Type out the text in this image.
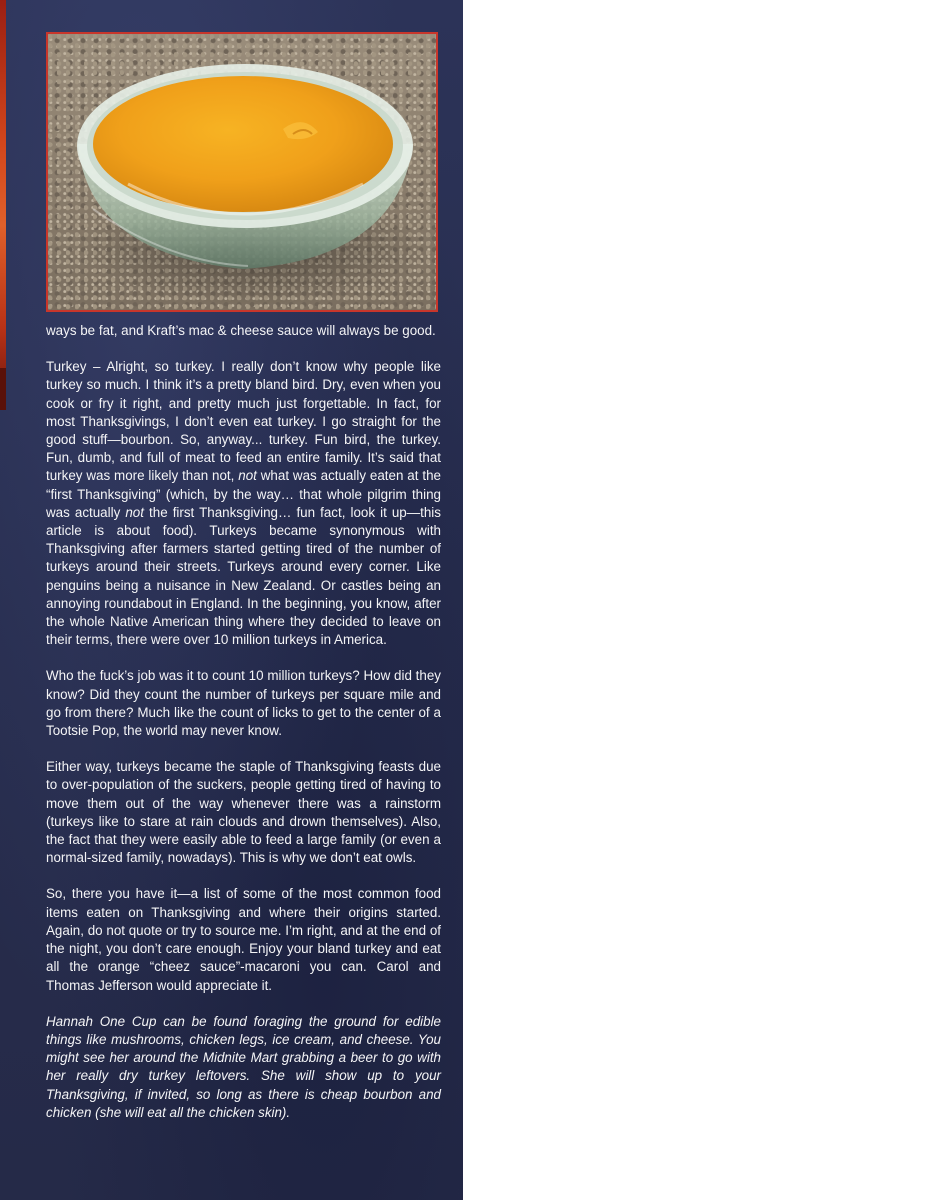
ways be fat, and Kraft’s mac & cheese sauce will always be good.

Turkey – Alright, so turkey. I really don’t know why people like turkey so much. I think it’s a pretty bland bird. Dry, even when you cook or fry it right, and pretty much just forgettable. In fact, for most Thanksgivings, I don’t even eat turkey. I go straight for the good stuff—bourbon. So, anyway... turkey. Fun bird, the turkey. Fun, dumb, and full of meat to feed an entire family. It’s said that turkey was more likely than not, not what was actually eaten at the “first Thanksgiving” (which, by the way… that whole pilgrim thing was actually not the first Thanksgiving… fun fact, look it up—this article is about food). Turkeys became synonymous with Thanksgiving after farmers started getting tired of the number of turkeys around their streets. Turkeys around every corner. Like penguins being a nuisance in New Zealand. Or castles being an annoying roundabout in England. In the beginning, you know, after the whole Native American thing where they decided to leave on their terms, there were over 10 million turkeys in America.

Who the fuck’s job was it to count 10 million turkeys? How did they know? Did they count the number of turkeys per square mile and go from there? Much like the count of licks to get to the center of a Tootsie Pop, the world may never know.

Either way, turkeys became the staple of Thanksgiving feasts due to over-population of the suckers, people getting tired of having to move them out of the way whenever there was a rainstorm (turkeys like to stare at rain clouds and drown themselves). Also, the fact that they were easily able to feed a large family (or even a normal-sized family, nowadays). This is why we don’t eat owls.

So, there you have it—a list of some of the most common food items eaten on Thanksgiving and where their origins started. Again, do not quote or try to source me. I’m right, and at the end of the night, you don’t care enough. Enjoy your bland turkey and eat all the orange “cheez sauce”-macaroni you can. Carol and Thomas Jefferson would appreciate it.

Hannah One Cup can be found foraging the ground for edible things like mushrooms, chicken legs, ice cream, and cheese. You might see her around the Midnite Mart grabbing a beer to go with her really dry turkey leftovers. She will show up to your Thanksgiving, if invited, so long as there is cheap bourbon and chicken (she will eat all the chicken skin).
